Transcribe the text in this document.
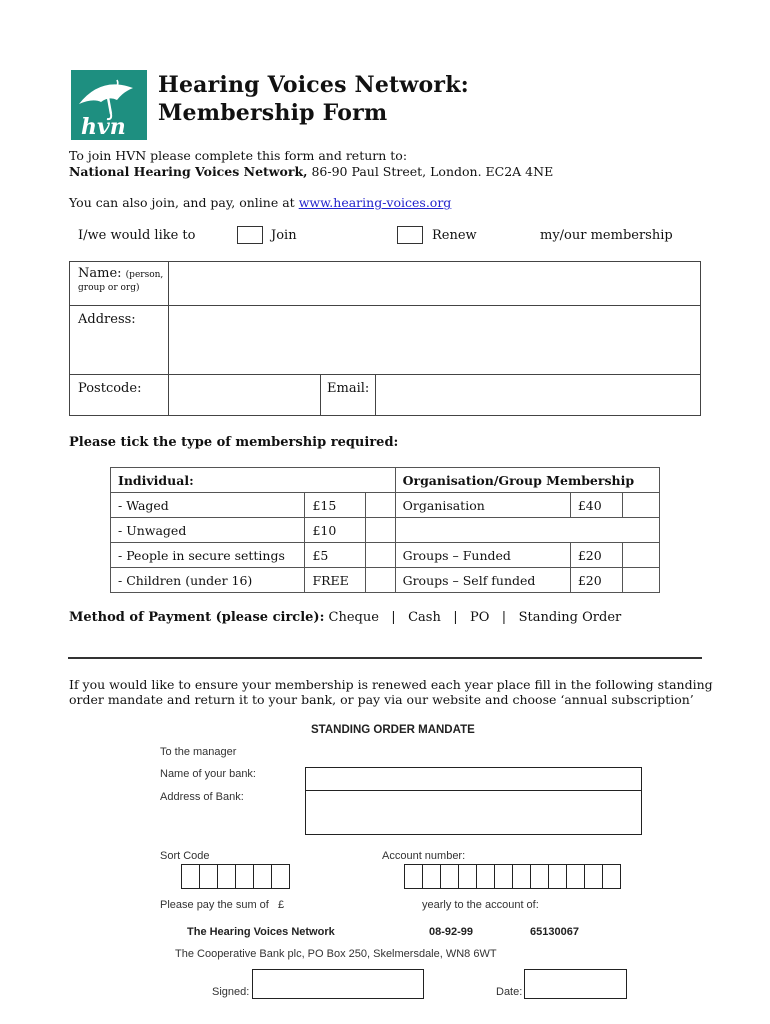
hvn
Hearing Voices Network:
Membership Form
To join HVN please complete this form and return to:
National Hearing Voices Network, 86-90 Paul Street, London. EC2A 4NE
You can also join, and pay, online at www.hearing-voices.org
I/we would like to	Join	Renew	my/our membership
Name: (person,
group or org)
Address:
Postcode:	Email:
Please tick the type of membership required:
Individual:			Organisation/Group Membership		
- Waged	£15		Organisation	£40	
- Unwaged	£10				
- People in secure settings	£5		Groups – Funded	£20	
- Children (under 16)	FREE		Groups – Self funded	£20	
Method of Payment (please circle): Cheque   |   Cash   |   PO   |   Standing Order
If you would like to ensure your membership is renewed each year place fill in the following standing
order mandate and return it to your bank, or pay via our website and choose ‘annual subscription’
STANDING ORDER MANDATE
To the manager
Name of your bank:
Address of Bank:
Sort Code	Account number:
Please pay the sum of   £	yearly to the account of:
The Hearing Voices Network	08-92-99	65130067
The Cooperative Bank plc, PO Box 250, Skelmersdale, WN8 6WT
Signed:	Date:
